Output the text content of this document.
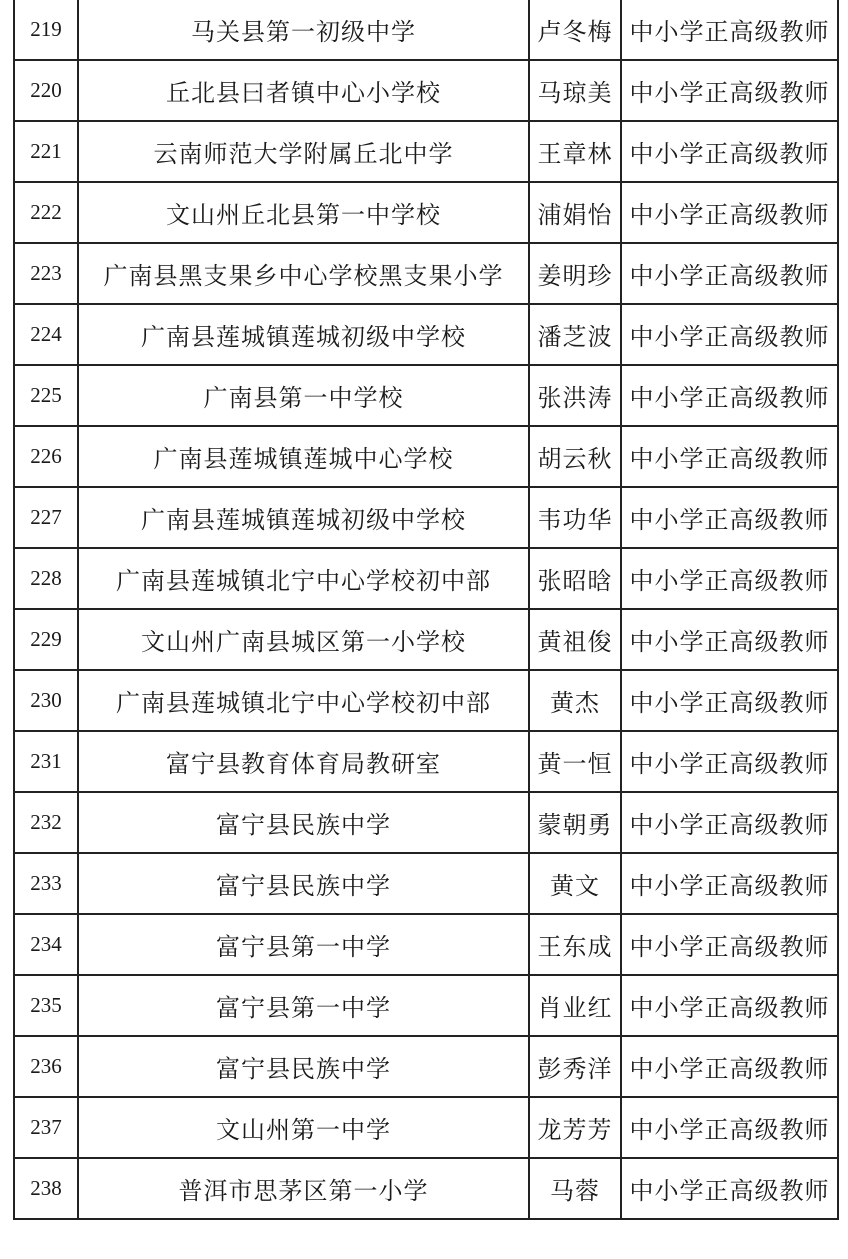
219	马关县第一初级中学	卢冬梅	中小学正高级教师
220	丘北县曰者镇中心小学校	马琼美	中小学正高级教师
221	云南师范大学附属丘北中学	王章林	中小学正高级教师
222	文山州丘北县第一中学校	浦娟怡	中小学正高级教师
223	广南县黑支果乡中心学校黑支果小学	姜明珍	中小学正高级教师
224	广南县莲城镇莲城初级中学校	潘芝波	中小学正高级教师
225	广南县第一中学校	张洪涛	中小学正高级教师
226	广南县莲城镇莲城中心学校	胡云秋	中小学正高级教师
227	广南县莲城镇莲城初级中学校	韦功华	中小学正高级教师
228	广南县莲城镇北宁中心学校初中部	张昭晗	中小学正高级教师
229	文山州广南县城区第一小学校	黄祖俊	中小学正高级教师
230	广南县莲城镇北宁中心学校初中部	黄杰	中小学正高级教师
231	富宁县教育体育局教研室	黄一恒	中小学正高级教师
232	富宁县民族中学	蒙朝勇	中小学正高级教师
233	富宁县民族中学	黄文	中小学正高级教师
234	富宁县第一中学	王东成	中小学正高级教师
235	富宁县第一中学	肖业红	中小学正高级教师
236	富宁县民族中学	彭秀洋	中小学正高级教师
237	文山州第一中学	龙芳芳	中小学正高级教师
238	普洱市思茅区第一小学	马蓉	中小学正高级教师
